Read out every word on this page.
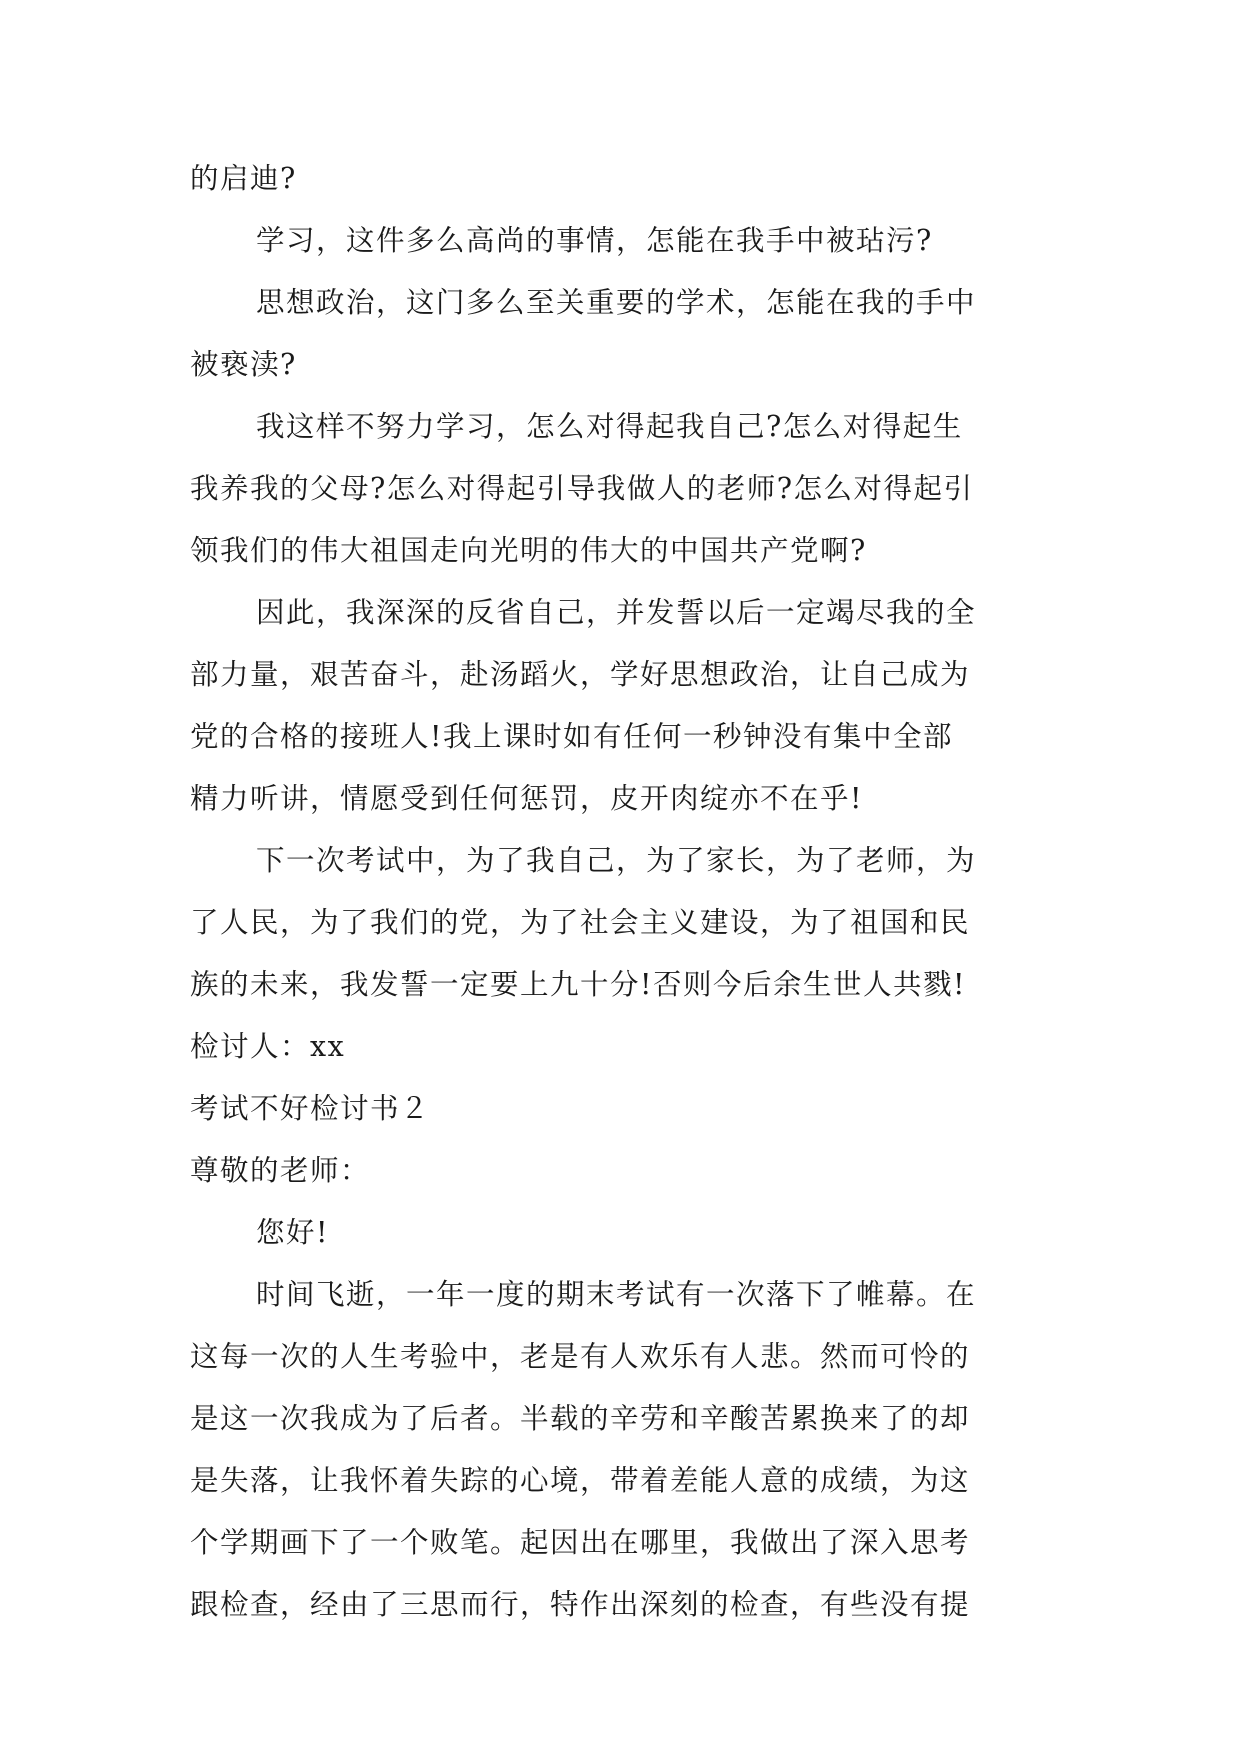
的启迪?
学习，这件多么高尚的事情，怎能在我手中被玷污?
思想政治，这门多么至关重要的学术，怎能在我的手中
被亵渎?
我这样不努力学习，怎么对得起我自己?怎么对得起生
我养我的父母?怎么对得起引导我做人的老师?怎么对得起引
领我们的伟大祖国走向光明的伟大的中国共产党啊?
因此，我深深的反省自己，并发誓以后一定竭尽我的全
部力量，艰苦奋斗，赴汤蹈火，学好思想政治，让自己成为
党的合格的接班人!我上课时如有任何一秒钟没有集中全部
精力听讲，情愿受到任何惩罚，皮开肉绽亦不在乎!
下一次考试中，为了我自己，为了家长，为了老师，为
了人民，为了我们的党，为了社会主义建设，为了祖国和民
族的未来，我发誓一定要上九十分!否则今后余生世人共戮!
检讨人：xx
考试不好检讨书２
尊敬的老师：
您好!
时间飞逝，一年一度的期末考试有一次落下了帷幕。在
这每一次的人生考验中，老是有人欢乐有人悲。然而可怜的
是这一次我成为了后者。半载的辛劳和辛酸苦累换来了的却
是失落，让我怀着失踪的心境，带着差能人意的成绩，为这
个学期画下了一个败笔。起因出在哪里，我做出了深入思考
跟检查，经由了三思而行，特作出深刻的检查，有些没有提
